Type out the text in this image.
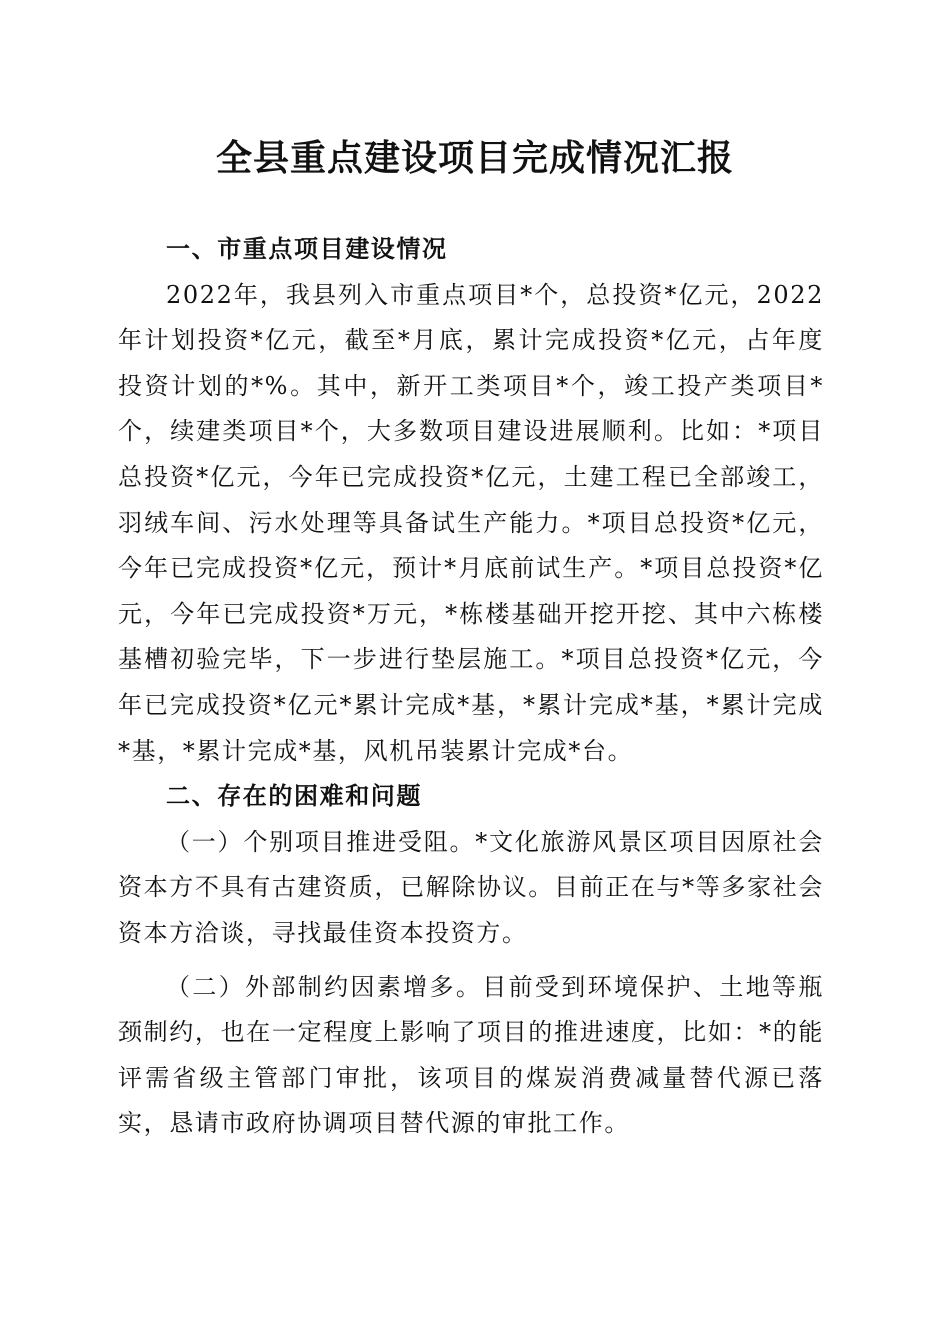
全县重点建设项目完成情况汇报

一、市重点项目建设情况

2022年，我县列入市重点项目*个，总投资*亿元，2022年计划投资*亿元，截至*月底，累计完成投资*亿元，占年度投资计划的*%。其中，新开工类项目*个，竣工投产类项目*个，续建类项目*个，大多数项目建设进展顺利。比如：*项目总投资*亿元，今年已完成投资*亿元，土建工程已全部竣工，羽绒车间、污水处理等具备试生产能力。*项目总投资*亿元，今年已完成投资*亿元，预计*月底前试生产。*项目总投资*亿元，今年已完成投资*万元，*栋楼基础开挖开挖、其中六栋楼基槽初验完毕，下一步进行垫层施工。*项目总投资*亿元，今年已完成投资*亿元*累计完成*基，*累计完成*基，*累计完成*基，*累计完成*基，风机吊装累计完成*台。

二、存在的困难和问题

（一）个别项目推进受阻。*文化旅游风景区项目因原社会资本方不具有古建资质，已解除协议。目前正在与*等多家社会资本方洽谈，寻找最佳资本投资方。

（二）外部制约因素增多。目前受到环境保护、土地等瓶颈制约，也在一定程度上影响了项目的推进速度，比如：*的能评需省级主管部门审批，该项目的煤炭消费减量替代源已落实，恳请市政府协调项目替代源的审批工作。
